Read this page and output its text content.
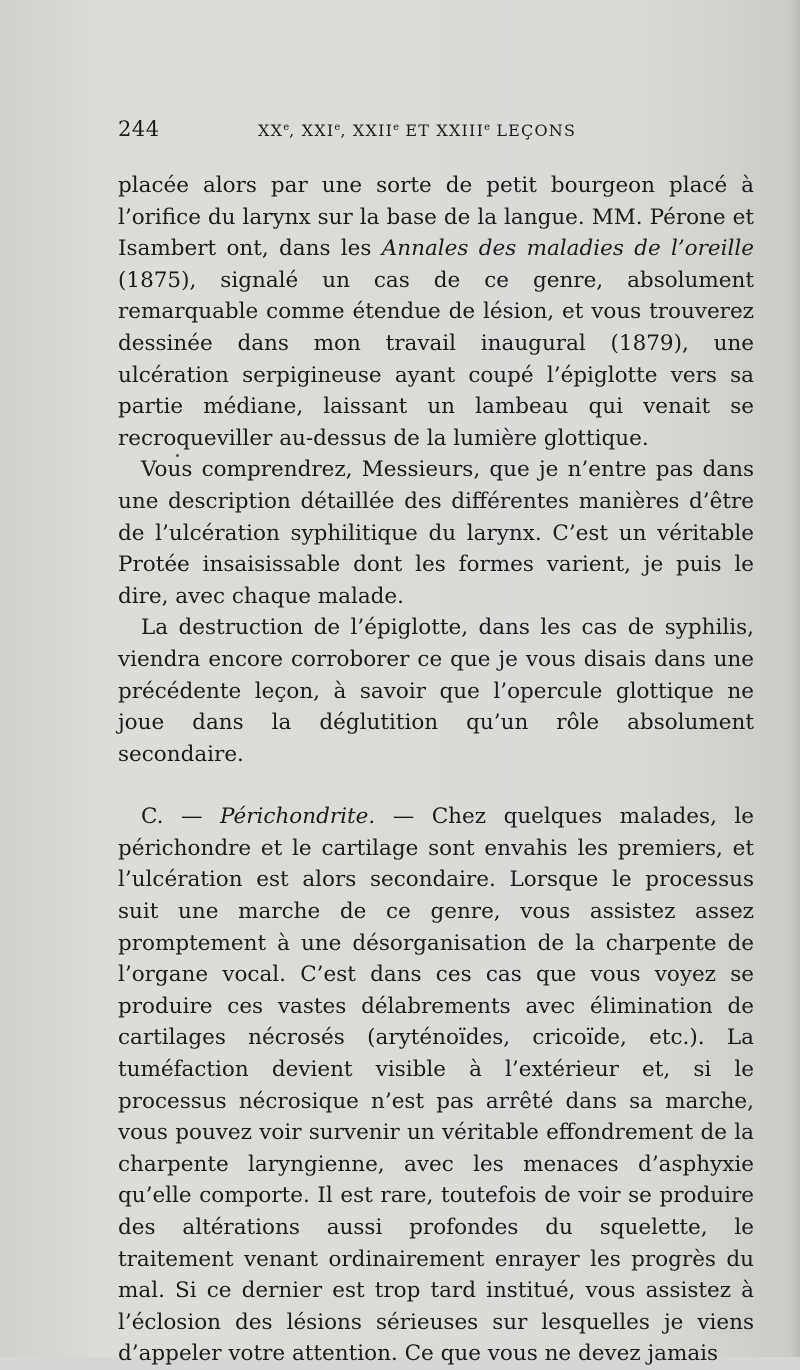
244	XXe, XXIe, XXIIe ET XXIIIe LEÇONS

placée alors par une sorte de petit bourgeon placé à l’orifice du larynx sur la base de la langue. MM. Pérone et Isambert ont, dans les Annales des maladies de l’oreille (1875), signalé un cas de ce genre, absolument remarquable comme étendue de lésion, et vous trouverez dessinée dans mon travail inaugural (1879), une ulcération serpigineuse ayant coupé l’épiglotte vers sa partie médiane, laissant un lambeau qui venait se recroqueviller au-dessus de la lumière glottique.

Vous comprendrez, Messieurs, que je n’entre pas dans une description détaillée des différentes manières d’être de l’ulcération syphilitique du larynx. C’est un véritable Protée insaisissable dont les formes varient, je puis le dire, avec chaque malade.

La destruction de l’épiglotte, dans les cas de syphilis, viendra encore corroborer ce que je vous disais dans une précédente leçon, à savoir que l’opercule glottique ne joue dans la déglutition qu’un rôle absolument secondaire.

C. — Périchondrite. — Chez quelques malades, le périchondre et le cartilage sont envahis les premiers, et l’ulcération est alors secondaire. Lorsque le processus suit une marche de ce genre, vous assistez assez promptement à une désorganisation de la charpente de l’organe vocal. C’est dans ces cas que vous voyez se produire ces vastes délabrements avec élimination de cartilages nécrosés (aryténoïdes, cricoïde, etc.). La tuméfaction devient visible à l’extérieur et, si le processus nécrosique n’est pas arrêté dans sa marche, vous pouvez voir survenir un véritable effondrement de la charpente laryngienne, avec les menaces d’asphyxie qu’elle comporte. Il est rare, toutefois de voir se produire des altérations aussi profondes du squelette, le traitement venant ordinairement enrayer les progrès du mal. Si ce dernier est trop tard institué, vous assistez à l’éclosion des lésions sérieuses sur lesquelles je viens d’appeler votre attention. Ce que vous ne devez jamais
